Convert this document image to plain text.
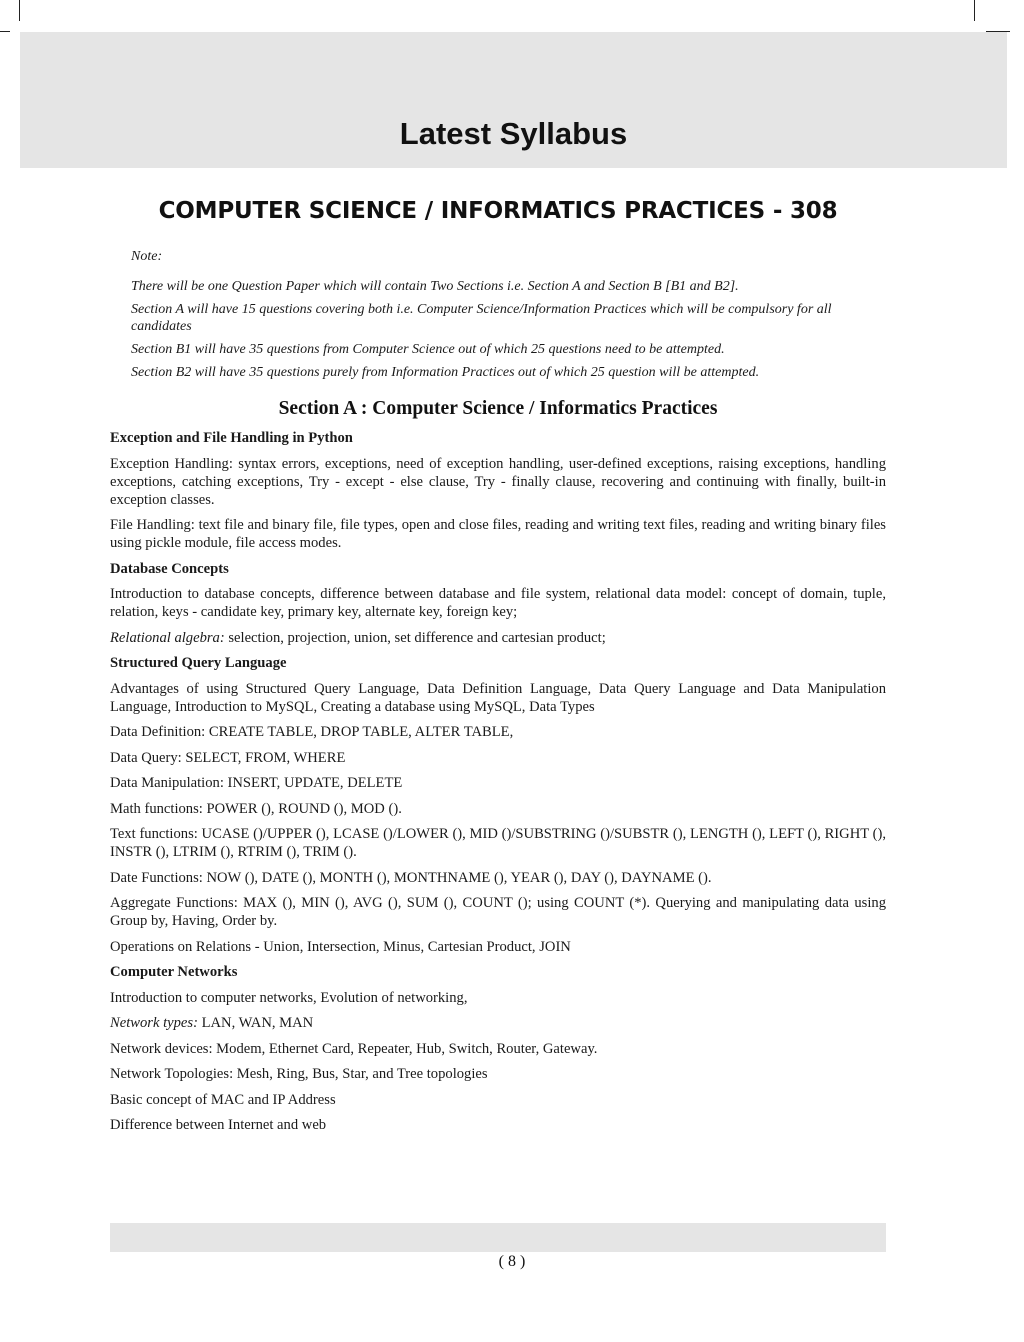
Latest Syllabus
COMPUTER SCIENCE / INFORMATICS PRACTICES - 308

Note:

There will be one Question Paper which will contain Two Sections i.e. Section A and Section B [B1 and B2].

Section A will have 15 questions covering both i.e. Computer Science/Information Practices which will be compulsory for all candidates

Section B1 will have 35 questions from Computer Science out of which 25 questions need to be attempted.

Section B2 will have 35 questions purely from Information Practices out of which 25 question will be attempted.

Section A : Computer Science / Informatics Practices

Exception and File Handling in Python

Exception Handling: syntax errors, exceptions, need of exception handling, user-defined exceptions, raising exceptions, handling exceptions, catching exceptions, Try - except - else clause, Try - finally clause, recovering and continuing with finally, built-in exception classes.

File Handling: text file and binary file, file types, open and close files, reading and writing text files, reading and writing binary files using pickle module, file access modes.

Database Concepts

Introduction to database concepts, difference between database and file system, relational data model: concept of domain, tuple, relation, keys - candidate key, primary key, alternate key, foreign key;

Relational algebra: selection, projection, union, set difference and cartesian product;

Structured Query Language

Advantages of using Structured Query Language, Data Definition Language, Data Query Language and Data Manipulation Language, Introduction to MySQL, Creating a database using MySQL, Data Types

Data Definition: CREATE TABLE, DROP TABLE, ALTER TABLE,

Data Query: SELECT, FROM, WHERE

Data Manipulation: INSERT, UPDATE, DELETE

Math functions: POWER (), ROUND (), MOD ().

Text functions: UCASE ()/UPPER (), LCASE ()/LOWER (), MID ()/SUBSTRING ()/SUBSTR (), LENGTH (), LEFT (), RIGHT (), INSTR (), LTRIM (), RTRIM (), TRIM ().

Date Functions: NOW (), DATE (), MONTH (), MONTHNAME (), YEAR (), DAY (), DAYNAME ().

Aggregate Functions: MAX (), MIN (), AVG (), SUM (), COUNT (); using COUNT (*). Querying and manipulating data using Group by, Having, Order by.

Operations on Relations - Union, Intersection, Minus, Cartesian Product, JOIN

Computer Networks

Introduction to computer networks, Evolution of networking,

Network types: LAN, WAN, MAN

Network devices: Modem, Ethernet Card, Repeater, Hub, Switch, Router, Gateway.

Network Topologies: Mesh, Ring, Bus, Star, and Tree topologies

Basic concept of MAC and IP Address

Difference between Internet and web

( 8 )
